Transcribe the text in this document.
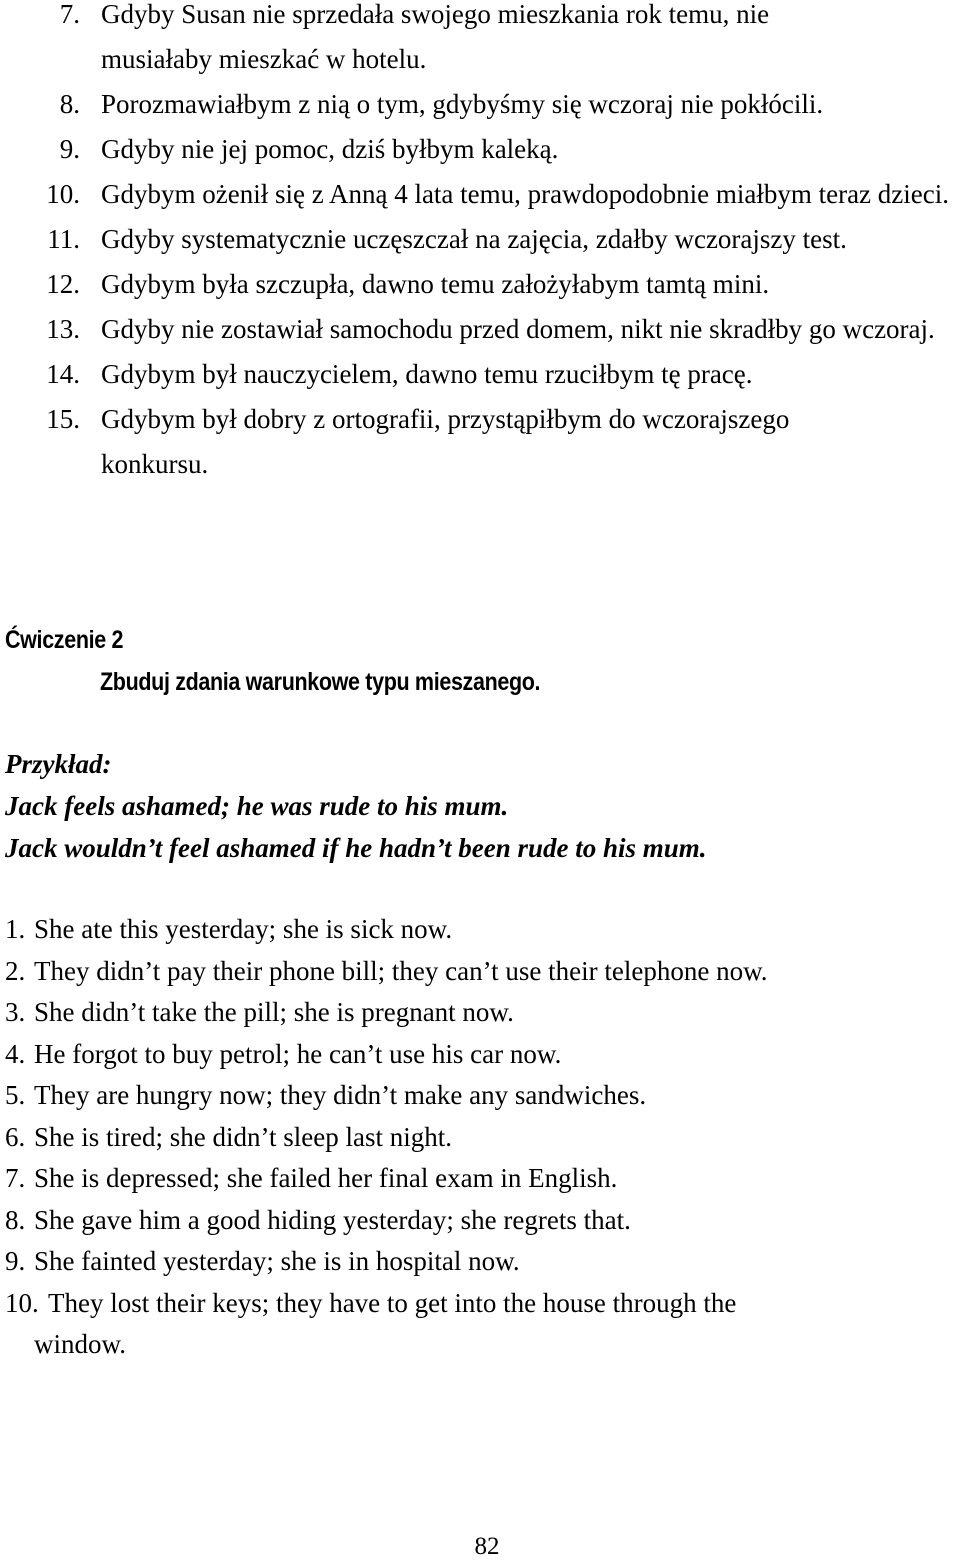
7. Gdyby Susan nie sprzedała swojego mieszkania rok temu, nie musiałaby mieszkać w hotelu.
8. Porozmawiałbym z nią o tym, gdybyśmy się wczoraj nie pokłócili.
9. Gdyby nie jej pomoc, dziś byłbym kaleką.
10. Gdybym ożenił się z Anną 4 lata temu, prawdopodobnie miałbym teraz dzieci.
11. Gdyby systematycznie uczęszczał na zajęcia, zdałby wczorajszy test.
12. Gdybym była szczupła, dawno temu założyłabym tamtą mini.
13. Gdyby nie zostawiał samochodu przed domem, nikt nie skradłby go wczoraj.
14. Gdybym był nauczycielem, dawno temu rzuciłbym tę pracę.
15. Gdybym był dobry z ortografii, przystąpiłbym do wczorajszego konkursu.
Ćwiczenie 2

Zbuduj zdania warunkowe typu mieszanego.

Przykład:
Jack feels ashamed; he was rude to his mum.
Jack wouldn’t feel ashamed if he hadn’t been rude to his mum.
1. She ate this yesterday; she is sick now.
2. They didn’t pay their phone bill; they can’t use their telephone now.
3. She didn’t take the pill; she is pregnant now.
4. He forgot to buy petrol; he can’t use his car now.
5. They are hungry now; they didn’t make any sandwiches.
6. She is tired; she didn’t sleep last night.
7. She is depressed; she failed her final exam in English.
8. She gave him a good hiding yesterday; she regrets that.
9. She fainted yesterday; she is in hospital now.
10. They lost their keys; they have to get into the house through the window.
82
